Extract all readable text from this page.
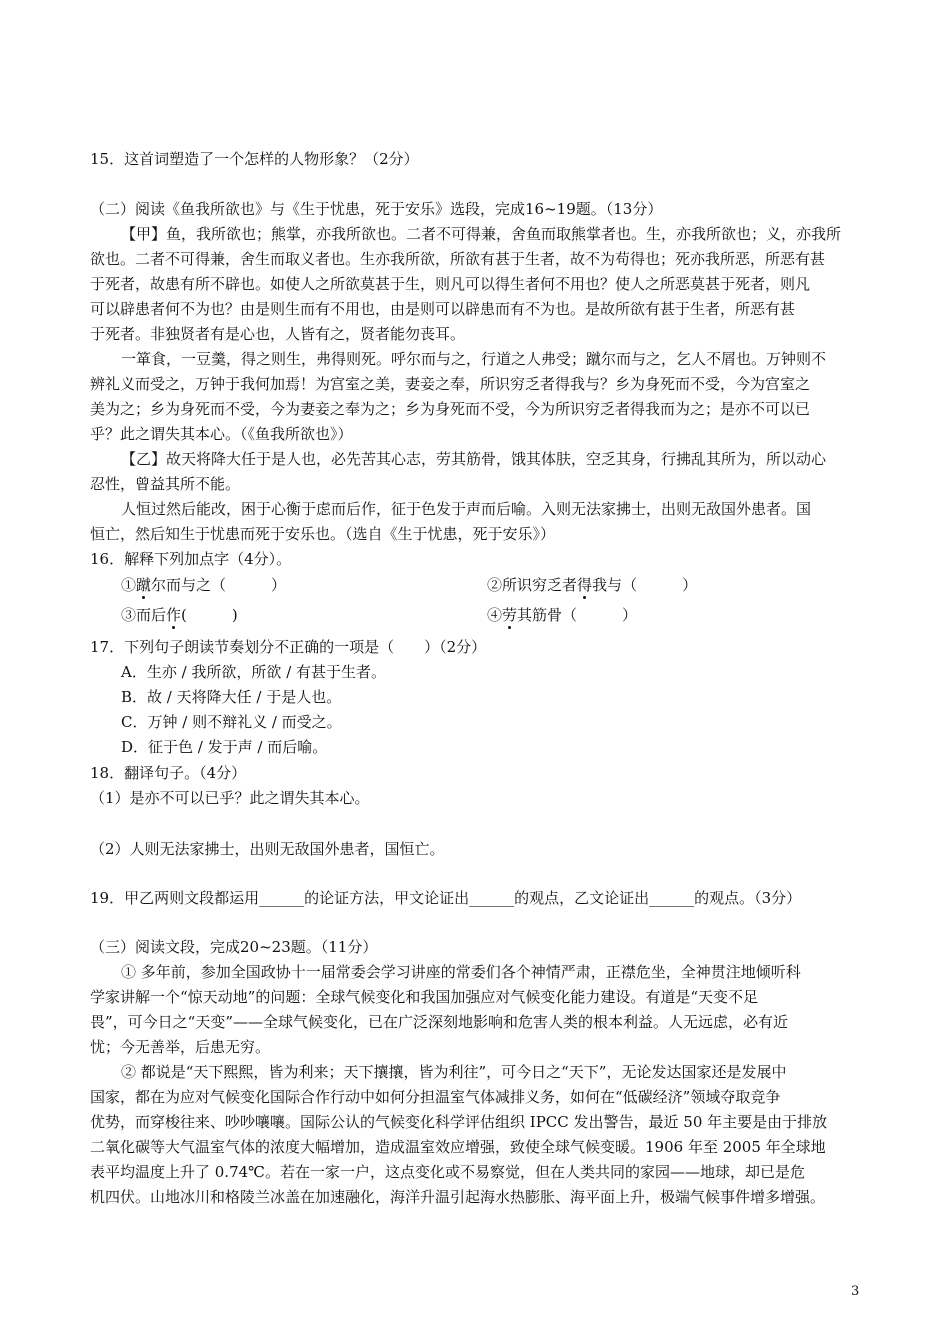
15．这首词塑造了一个怎样的人物形象？（2分）
（二）阅读《鱼我所欲也》与《生于忧患，死于安乐》选段，完成16~19题。（13分）
【甲】鱼，我所欲也；熊掌，亦我所欲也。二者不可得兼，舍鱼而取熊掌者也。生，亦我所欲也；义，亦我所
欲也。二者不可得兼，舍生而取义者也。生亦我所欲，所欲有甚于生者，故不为苟得也；死亦我所恶，所恶有甚
于死者，故患有所不辟也。如使人之所欲莫甚于生，则凡可以得生者何不用也？使人之所恶莫甚于死者，则凡
可以辟患者何不为也？由是则生而有不用也，由是则可以辟患而有不为也。是故所欲有甚于生者，所恶有甚
于死者。非独贤者有是心也，人皆有之，贤者能勿丧耳。
一箪食，一豆羹，得之则生，弗得则死。呼尔而与之，行道之人弗受；蹴尔而与之，乞人不屑也。万钟则不
辨礼义而受之，万钟于我何加焉！为宫室之美，妻妾之奉，所识穷乏者得我与？乡为身死而不受，今为宫室之
美为之；乡为身死而不受，今为妻妾之奉为之；乡为身死而不受，今为所识穷乏者得我而为之；是亦不可以已
乎？此之谓失其本心。（《鱼我所欲也》）
【乙】故天将降大任于是人也，必先苦其心志，劳其筋骨，饿其体肤，空乏其身，行拂乱其所为，所以动心
忍性，曾益其所不能。
人恒过然后能改，困于心衡于虑而后作，征于色发于声而后喻。入则无法家拂士，出则无敌国外患者。国
恒亡，然后知生于忧患而死于安乐也。（选自《生于忧患，死于安乐》）
16．解释下列加点字（4分）。
①蹴尔而与之（　　　）	②所识穷乏者得我与（　　　）
③而后作(　　　)	④劳其筋骨（　　　）
17．下列句子朗读节奏划分不正确的一项是（　　）（2分）
A．生亦 / 我所欲，所欲 / 有甚于生者。
B．故 / 天将降大任 / 于是人也。
C．万钟 / 则不辩礼义 / 而受之。
D．征于色 / 发于声 / 而后喻。
18．翻译句子。（4分）
（1）是亦不可以已乎？此之谓失其本心。
（2）人则无法家拂士，出则无敌国外患者，国恒亡。
19．甲乙两则文段都运用______的论证方法，甲文论证出______的观点，乙文论证出______的观点。（3分）
（三）阅读文段，完成20~23题。（11分）
① 多年前，参加全国政协十一届常委会学习讲座的常委们各个神情严肃，正襟危坐，全神贯注地倾听科
学家讲解一个“惊天动地”的问题：全球气候变化和我国加强应对气候变化能力建设。有道是“天变不足
畏”，可今日之“天变”——全球气候变化，已在广泛深刻地影响和危害人类的根本利益。人无远虑，必有近
忧；今无善举，后患无穷。
② 都说是“天下熙熙，皆为利来；天下攘攘，皆为利往”，可今日之“天下”，无论发达国家还是发展中
国家，都在为应对气候变化国际合作行动中如何分担温室气体减排义务，如何在“低碳经济”领域夺取竞争
优势，而穿梭往来、吵吵嚷嚷。国际公认的气候变化科学评估组织 IPCC 发出警告，最近 50 年主要是由于排放
二氧化碳等大气温室气体的浓度大幅增加，造成温室效应增强，致使全球气候变暖。1906 年至 2005 年全球地
表平均温度上升了 0.74℃。若在一家一户，这点变化或不易察觉，但在人类共同的家园——地球，却已是危
机四伏。山地冰川和格陵兰冰盖在加速融化，海洋升温引起海水热膨胀、海平面上升，极端气候事件增多增强。
3
